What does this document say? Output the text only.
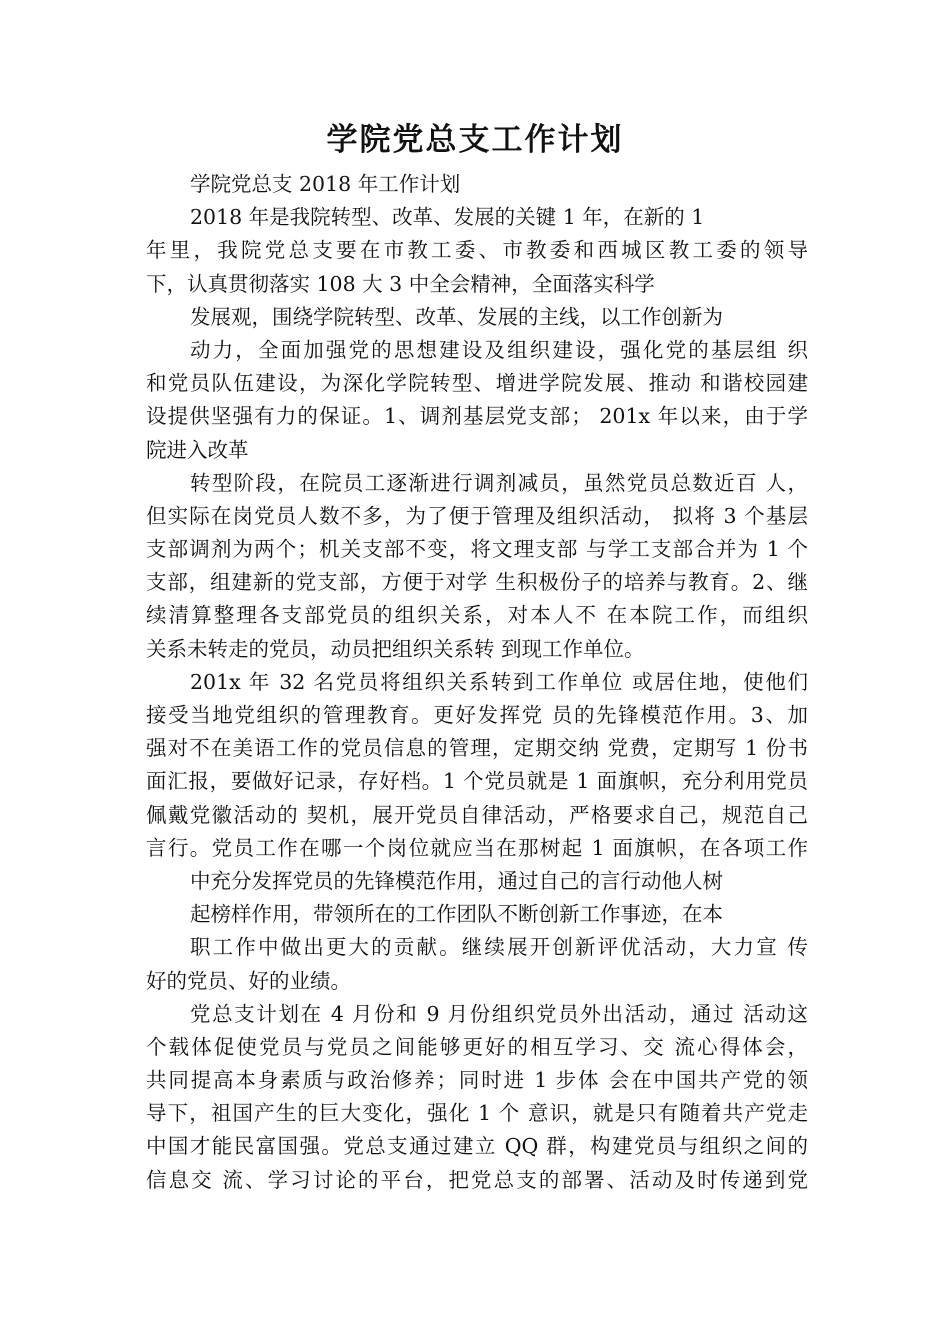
学院党总支工作计划
学院党总支 2018 年工作计划
2018 年是我院转型、改革、发展的关键 1 年，在新的 1
年里，我院党总支要在市教工委、市教委和西城区教工委的领导
下，认真贯彻落实 108 大 3 中全会精神，全面落实科学
发展观，围绕学院转型、改革、发展的主线，以工作创新为
动力，全面加强党的思想建设及组织建设，强化党的基层组 织
和党员队伍建设，为深化学院转型、增进学院发展、推动 和谐校园建
设提供坚强有力的保证。1、调剂基层党支部； 201x 年以来，由于学
院进入改革
转型阶段，在院员工逐渐进行调剂减员，虽然党员总数近百 人，
但实际在岗党员人数不多，为了便于管理及组织活动， 拟将 3 个基层
支部调剂为两个；机关支部不变，将文理支部 与学工支部合并为 1 个
支部，组建新的党支部，方便于对学 生积极份子的培养与教育。2、继
续清算整理各支部党员的组织关系，对本人不 在本院工作，而组织
关系未转走的党员，动员把组织关系转 到现工作单位。
201x 年 32 名党员将组织关系转到工作单位 或居住地，使他们
接受当地党组织的管理教育。更好发挥党 员的先锋模范作用。3、加
强对不在美语工作的党员信息的管理，定期交纳 党费，定期写 1 份书
面汇报，要做好记录，存好档。1 个党员就是 1 面旗帜，充分利用党员
佩戴党徽活动的 契机，展开党员自律活动，严格要求自己，规范自己
言行。党员工作在哪一个岗位就应当在那树起 1 面旗帜，在各项工作
中充分发挥党员的先锋模范作用，通过自己的言行动他人树
起榜样作用，带领所在的工作团队不断创新工作事迹，在本
职工作中做出更大的贡献。继续展开创新评优活动，大力宣 传
好的党员、好的业绩。
党总支计划在 4 月份和 9 月份组织党员外出活动，通过 活动这
个载体促使党员与党员之间能够更好的相互学习、交 流心得体会，
共同提高本身素质与政治修养；同时进 1 步体 会在中国共产党的领
导下，祖国产生的巨大变化，强化 1 个 意识，就是只有随着共产党走
中国才能民富国强。党总支通过建立 QQ 群，构建党员与组织之间的
信息交 流、学习讨论的平台，把党总支的部署、活动及时传递到党
